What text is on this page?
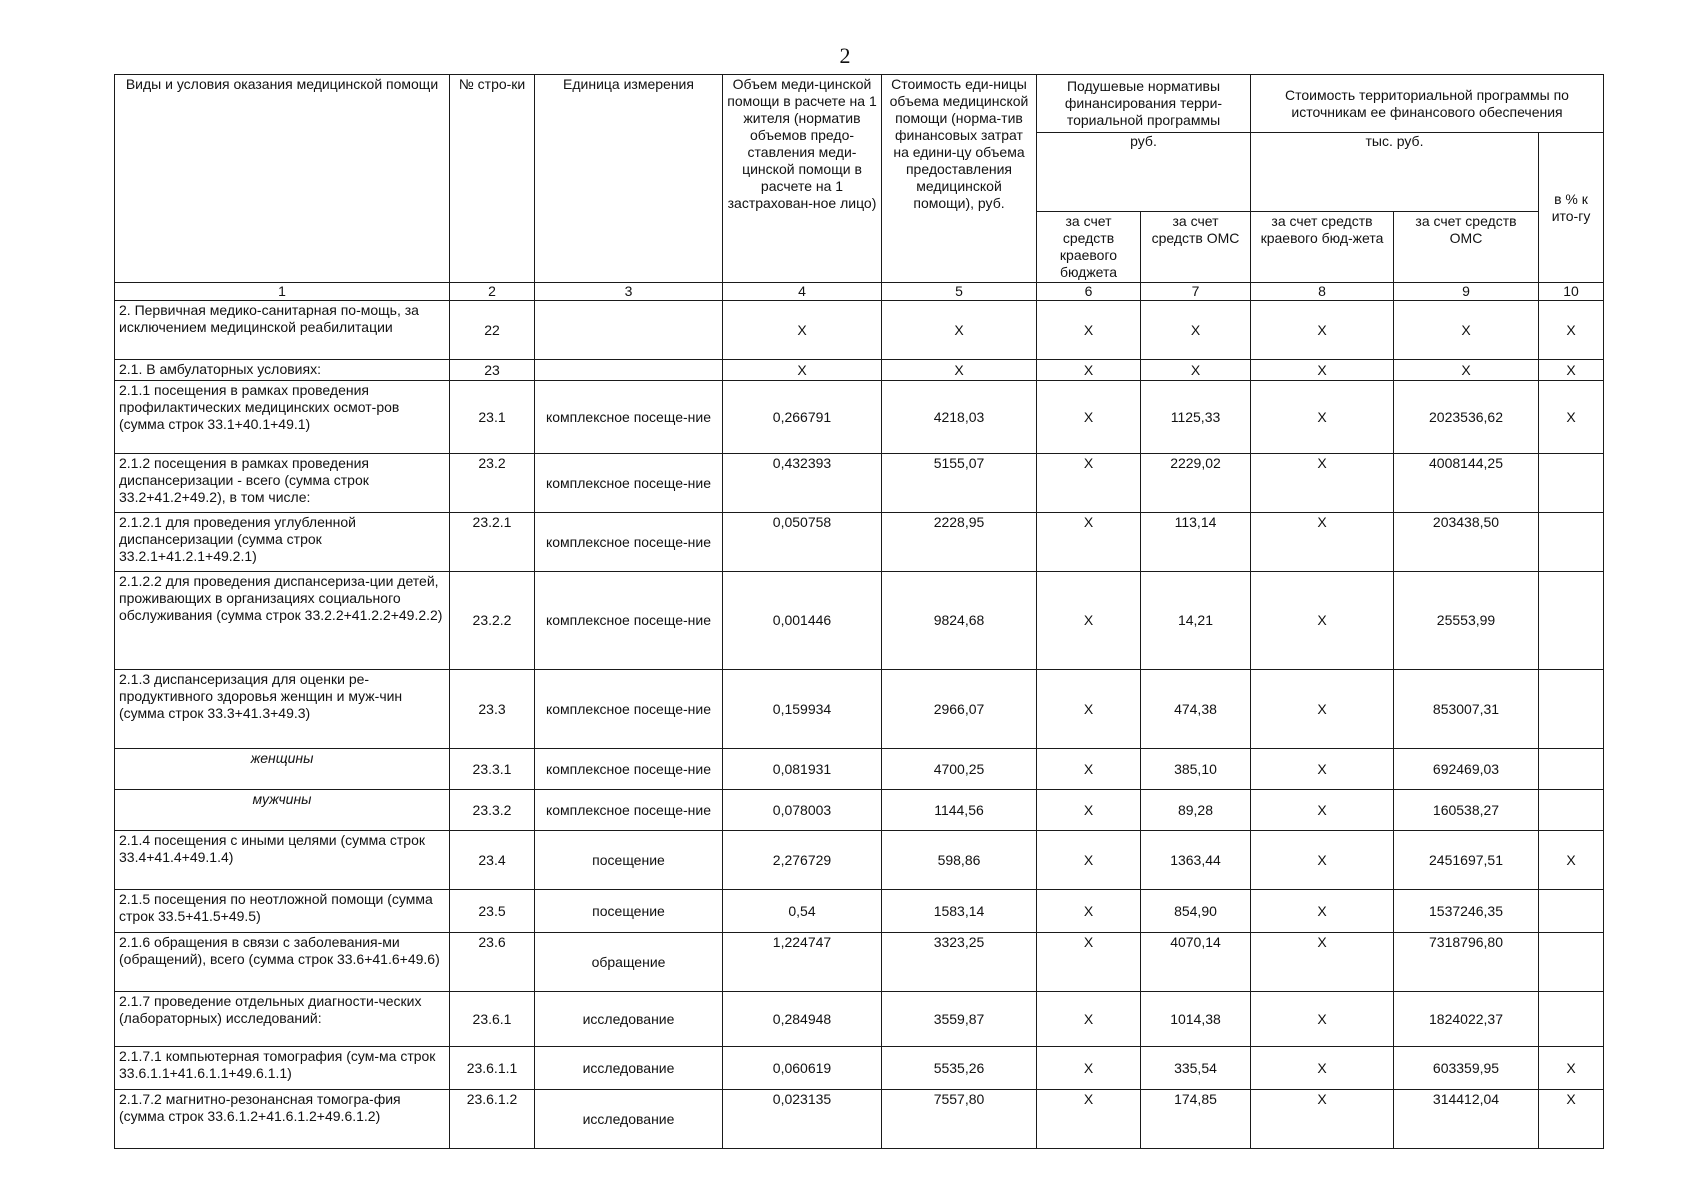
2
Виды и условия оказания медицинской помощи	№ стро-ки	Единица измерения	Объем меди-цинской помощи в расчете на 1 жителя (норматив объемов предо-ставления меди-цинской помощи в расчете на 1 застрахован-ное лицо)	Стоимость еди-ницы объема медицинской помощи (норма-тив финансовых затрат на едини-цу объема предоставления медицинской помощи), руб.	Подушевые нормативы финансирования терри-ториальной программы		Стоимость территориальной программы по источникам ее финансового обеспечения		
					руб.		тыс. руб.		в % к ито-гу
					за счет средств краевого бюджета	за счет средств ОМС	за счет средств краевого бюд-жета	за счет средств ОМС	
1	2	3	4	5	6	7	8	9	10
2. Первичная медико-санитарная по-мощь, за исключением медицинской реабилитации	22		Х	Х	Х	Х	Х	Х	Х
2.1. В амбулаторных условиях:	23		Х	Х	Х	Х	Х	Х	Х
2.1.1 посещения в рамках проведения профилактических медицинских осмот-ров (сумма строк 33.1+40.1+49.1)	23.1	комплексное посеще-ние	0,266791	4218,03	Х	1125,33	Х	2023536,62	Х
2.1.2 посещения в рамках проведения диспансеризации - всего (сумма строк 33.2+41.2+49.2), в том числе:	23.2	комплексное посеще-ние	0,432393	5155,07	Х	2229,02	Х	4008144,25	
2.1.2.1 для проведения углубленной диспансеризации (сумма строк 33.2.1+41.2.1+49.2.1)	23.2.1	комплексное посеще-ние	0,050758	2228,95	Х	113,14	Х	203438,50	
2.1.2.2 для проведения диспансериза-ции детей, проживающих в организациях социального обслуживания (сумма строк 33.2.2+41.2.2+49.2.2)	23.2.2	комплексное посеще-ние	0,001446	9824,68	Х	14,21	Х	25553,99	
2.1.3 диспансеризация для оценки ре-продуктивного здоровья женщин и муж-чин (сумма строк 33.3+41.3+49.3)	23.3	комплексное посеще-ние	0,159934	2966,07	Х	474,38	Х	853007,31	
женщины	23.3.1	комплексное посеще-ние	0,081931	4700,25	Х	385,10	Х	692469,03	
мужчины	23.3.2	комплексное посеще-ние	0,078003	1144,56	Х	89,28	Х	160538,27	
2.1.4 посещения с иными целями (сумма строк 33.4+41.4+49.1.4)	23.4	посещение	2,276729	598,86	Х	1363,44	Х	2451697,51	Х
2.1.5 посещения по неотложной помощи (сумма строк 33.5+41.5+49.5)	23.5	посещение	0,54	1583,14	Х	854,90	Х	1537246,35	
2.1.6 обращения в связи с заболевания-ми (обращений), всего (сумма строк 33.6+41.6+49.6)	23.6	обращение	1,224747	3323,25	Х	4070,14	Х	7318796,80	
2.1.7 проведение отдельных диагности-ческих (лабораторных) исследований:	23.6.1	исследование	0,284948	3559,87	Х	1014,38	Х	1824022,37	
2.1.7.1 компьютерная томография (сум-ма строк 33.6.1.1+41.6.1.1+49.6.1.1)	23.6.1.1	исследование	0,060619	5535,26	Х	335,54	Х	603359,95	Х
2.1.7.2 магнитно-резонансная томогра-фия (сумма строк 33.6.1.2+41.6.1.2+49.6.1.2)	23.6.1.2	исследование	0,023135	7557,80	Х	174,85	Х	314412,04	Х
